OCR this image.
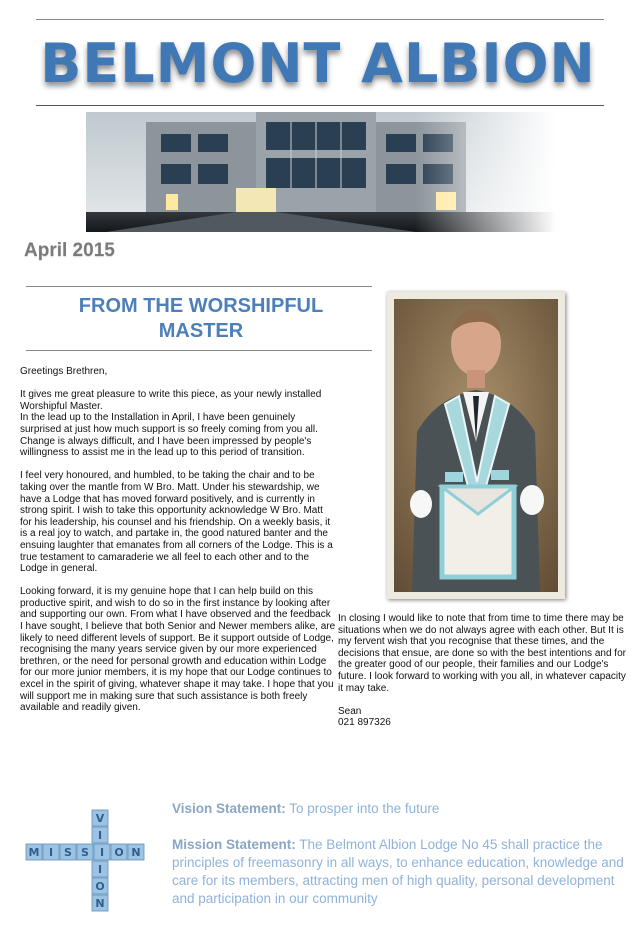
BELMONT ALBION
April 2015
FROM THE WORSHIPFUL
MASTER

Greetings Brethren,

It gives me great pleasure to write this piece, as your newly installed Worshipful Master.

In the lead up to the Installation in April, I have been genuinely surprised at just how much support is so freely coming from you all. Change is always difficult, and I have been impressed by people's willingness to assist me in the lead up to this period of transition.

I feel very honoured, and humbled, to be taking the chair and to be taking over the mantle from W Bro. Matt. Under his stewardship, we have a Lodge that has moved forward positively, and is currently in strong spirit. I wish to take this opportunity acknowledge W Bro. Matt for his leadership, his counsel and his friendship. On a weekly basis, it is a real joy to watch, and partake in, the good natured banter and the ensuing laughter that emanates from all corners of the Lodge. This is a true testament to camaraderie we all feel to each other and to the Lodge in general.

Looking forward, it is my genuine hope that I can help build on this productive spirit, and wish to do so in the first instance by looking after and supporting our own. From what I have observed and the feedback I have sought, I believe that both Senior and Newer members alike, are likely to need different levels of support. Be it support outside of Lodge, recognising the many years service given by our more experienced brethren, or the need for personal growth and education within Lodge for our more junior members, it is my hope that our Lodge continues to excel in the spirit of giving, whatever shape it may take. I hope that you will support me in making sure that such assistance is both freely available and readily given.

In closing I would like to note that from time to time there may be situations when we do not always agree with each other. But It is my fervent wish that you recognise that these times, and the decisions that ensue, are done so with the best intentions and for the greater good of our people, their families and our Lodge's future. I look forward to working with you all, in whatever capacity it may take.

Sean
021 897326
M I S S I O N
V
I
I
O
N
Vision Statement: To prosper into the future
Mission Statement: The Belmont Albion Lodge No 45 shall practice the principles of freemasonry in all ways, to enhance education, knowledge and care for its members, attracting men of high quality, personal development and participation in our community
